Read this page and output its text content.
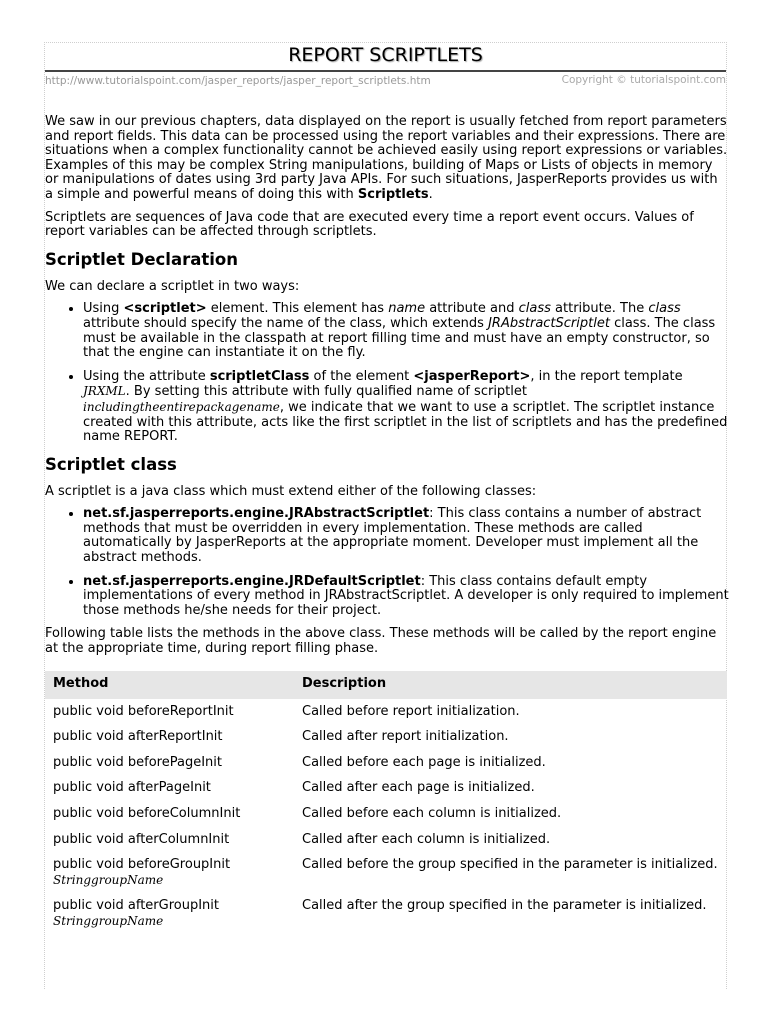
REPORT SCRIPTLETS
http://www.tutorialspoint.com/jasper_reports/jasper_report_scriptlets.htm	Copyright © tutorialspoint.com

We saw in our previous chapters, data displayed on the report is usually fetched from report parameters and report fields. This data can be processed using the report variables and their expressions. There are situations when a complex functionality cannot be achieved easily using report expressions or variables. Examples of this may be complex String manipulations, building of Maps or Lists of objects in memory or manipulations of dates using 3rd party Java APIs. For such situations, JasperReports provides us with a simple and powerful means of doing this with Scriptlets.

Scriptlets are sequences of Java code that are executed every time a report event occurs. Values of report variables can be affected through scriptlets.

Scriptlet Declaration

We can declare a scriptlet in two ways:

• Using <scriptlet> element. This element has name attribute and class attribute. The class attribute should specify the name of the class, which extends JRAbstractScriptlet class. The class must be available in the classpath at report filling time and must have an empty constructor, so that the engine can instantiate it on the fly.
• Using the attribute scriptletClass of the element <jasperReport>, in the report template JRXML. By setting this attribute with fully qualified name of scriptlet includingtheentirepackagename, we indicate that we want to use a scriptlet. The scriptlet instance created with this attribute, acts like the first scriptlet in the list of scriptlets and has the predefined name REPORT.
Scriptlet class

A scriptlet is a java class which must extend either of the following classes:

• net.sf.jasperreports.engine.JRAbstractScriptlet: This class contains a number of abstract methods that must be overridden in every implementation. These methods are called automatically by JasperReports at the appropriate moment. Developer must implement all the abstract methods.
• net.sf.jasperreports.engine.JRDefaultScriptlet: This class contains default empty implementations of every method in JRAbstractScriptlet. A developer is only required to implement those methods he/she needs for their project.

Following table lists the methods in the above class. These methods will be called by the report engine at the appropriate time, during report filling phase.

Method	Description
public void beforeReportInit	Called before report initialization.
public void afterReportInit	Called after report initialization.
public void beforePageInit	Called before each page is initialized.
public void afterPageInit	Called after each page is initialized.
public void beforeColumnInit	Called before each column is initialized.
public void afterColumnInit	Called after each column is initialized.
public void beforeGroupInit
StringgroupName	Called before the group specified in the parameter is initialized.
public void afterGroupInit
StringgroupName	Called after the group specified in the parameter is initialized.
